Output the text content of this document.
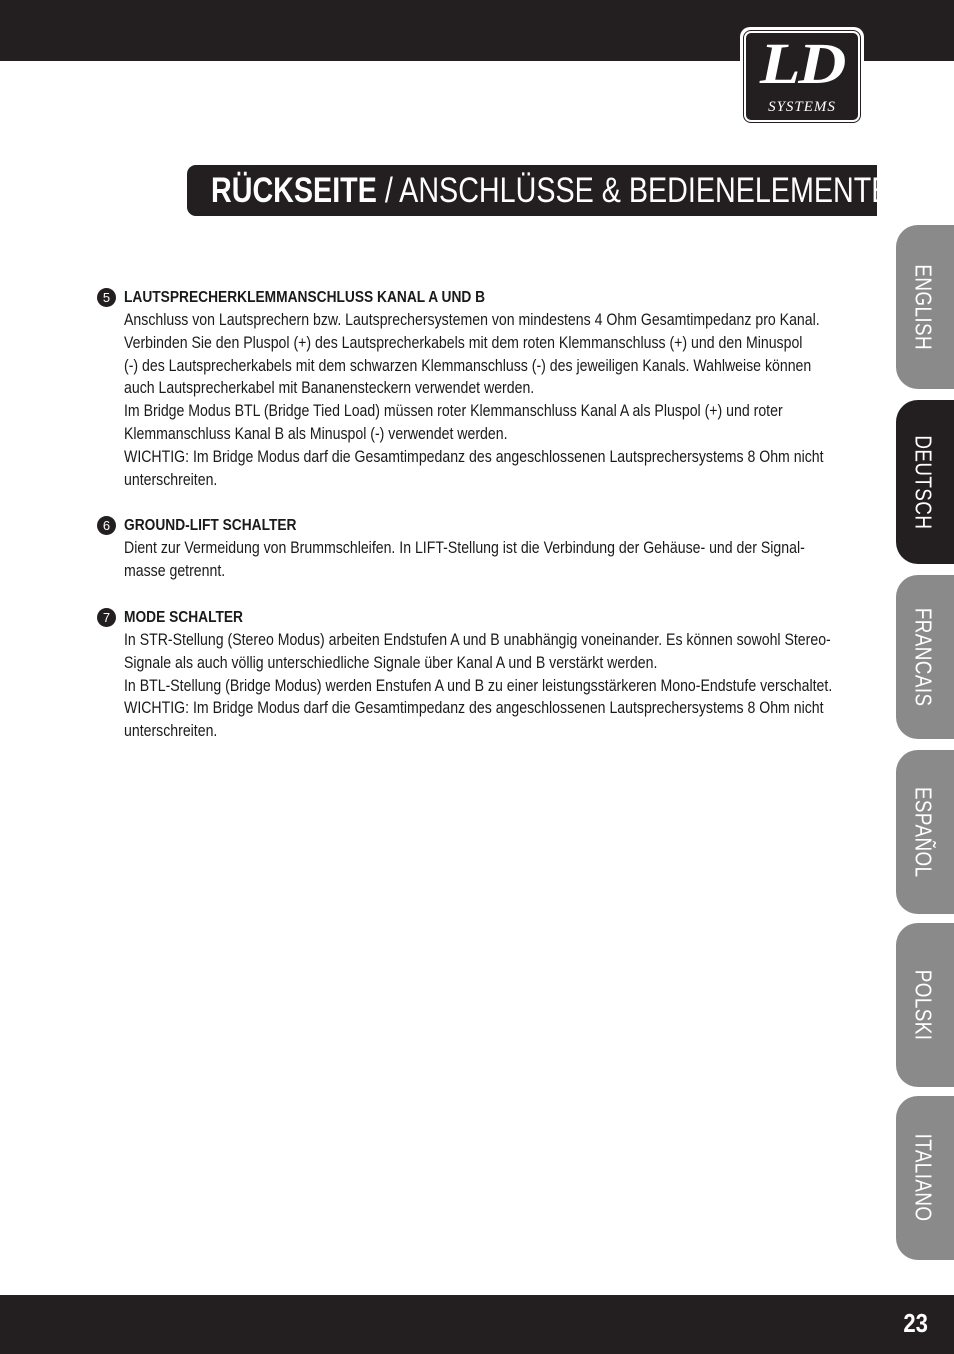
LD
SYSTEMS
RÜCKSEITE / ANSCHLÜSSE & BEDIENELEMENTE:
5 LAUTSPRECHERKLEMMANSCHLUSS KANAL A UND B
Anschluss von Lautsprechern bzw. Lautsprechersystemen von mindestens 4 Ohm Gesamtimpedanz pro Kanal.
Verbinden Sie den Pluspol (+) des Lautsprecherkabels mit dem roten Klemmanschluss (+) und den Minuspol
(-) des Lautsprecherkabels mit dem schwarzen Klemmanschluss (-) des jeweiligen Kanals. Wahlweise können
auch Lautsprecherkabel mit Bananensteckern verwendet werden.
Im Bridge Modus BTL (Bridge Tied Load) müssen roter Klemmanschluss Kanal A als Pluspol (+) und roter
Klemmanschluss Kanal B als Minuspol (-) verwendet werden.
WICHTIG: Im Bridge Modus darf die Gesamtimpedanz des angeschlossenen Lautsprechersystems 8 Ohm nicht
unterschreiten.
6 GROUND-LIFT SCHALTER
Dient zur Vermeidung von Brummschleifen. In LIFT-Stellung ist die Verbindung der Gehäuse- und der Signal-
masse getrennt.
7 MODE SCHALTER
In STR-Stellung (Stereo Modus) arbeiten Endstufen A und B unabhängig voneinander. Es können sowohl Stereo-
Signale als auch völlig unterschiedliche Signale über Kanal A und B verstärkt werden.
In BTL-Stellung (Bridge Modus) werden Enstufen A und B zu einer leistungsstärkeren Mono-Endstufe verschaltet.
WICHTIG: Im Bridge Modus darf die Gesamtimpedanz des angeschlossenen Lautsprechersystems 8 Ohm nicht
unterschreiten.
ENGLISH
DEUTSCH
FRANCAIS
ESPAÑOL
POLSKI
ITALIANO
23
